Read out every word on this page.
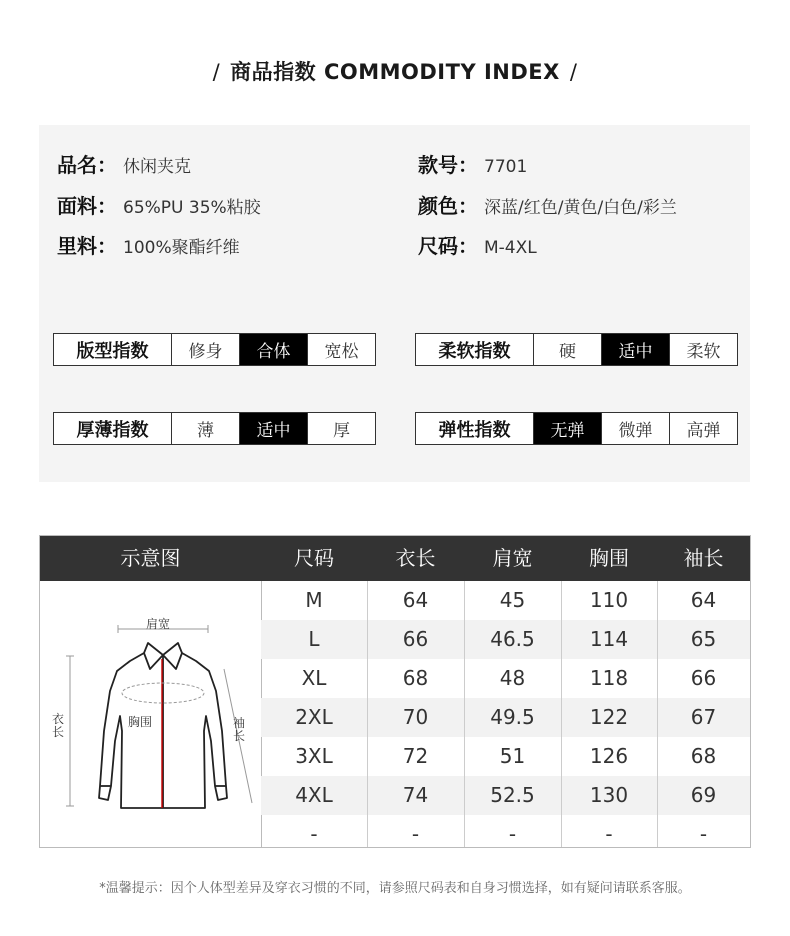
/ 商品指数 COMMODITY INDEX /
品名： 休闲夹克
面料： 65%PU 35%粘胶
里料： 100%聚酯纤维
款号： 7701
颜色： 深蓝/红色/黄色/白色/彩兰
尺码： M-4XL
版型指数	修身	合体	宽松	柔软指数	硬	适中	柔软
厚薄指数	薄	适中	厚	弹性指数	无弹	微弹	高弹
示意图	尺码	衣长	肩宽	胸围	袖长
肩宽
胸围
衣长
袖长
M	64	45	110	64
L	66	46.5	114	65
XL	68	48	118	66
2XL	70	49.5	122	67
3XL	72	51	126	68
4XL	74	52.5	130	69
-	-	-	-	-
*温馨提示：因个人体型差异及穿衣习惯的不同，请参照尺码表和自身习惯选择，如有疑问请联系客服。
